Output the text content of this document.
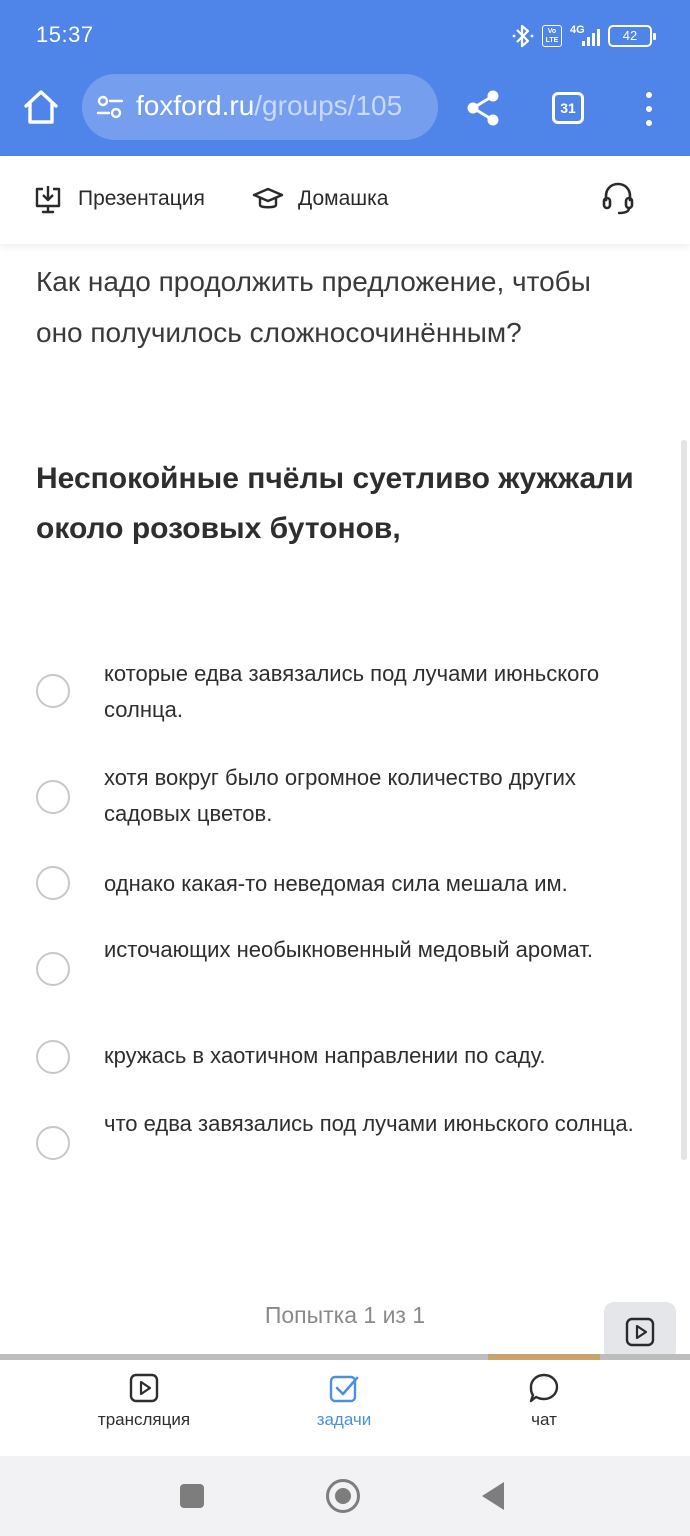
15:37	Vo LTE
4G	42
foxford.ru/groups/105	31
Презентация	Домашка
Как надо продолжить предложение, чтобы оно получилось сложносочинённым?
Неспокойные пчёлы суетливо жужжали около розовых бутонов,
которые едва завязались под лучами июньского солнца.
хотя вокруг было огромное количество других садовых цветов.
однако какая-то неведомая сила мешала им.
источающих необыкновенный медовый аромат.
кружась в хаотичном направлении по саду.
что едва завязались под лучами июньского солнца.
Попытка 1 из 1
трансляция	задачи	чат
